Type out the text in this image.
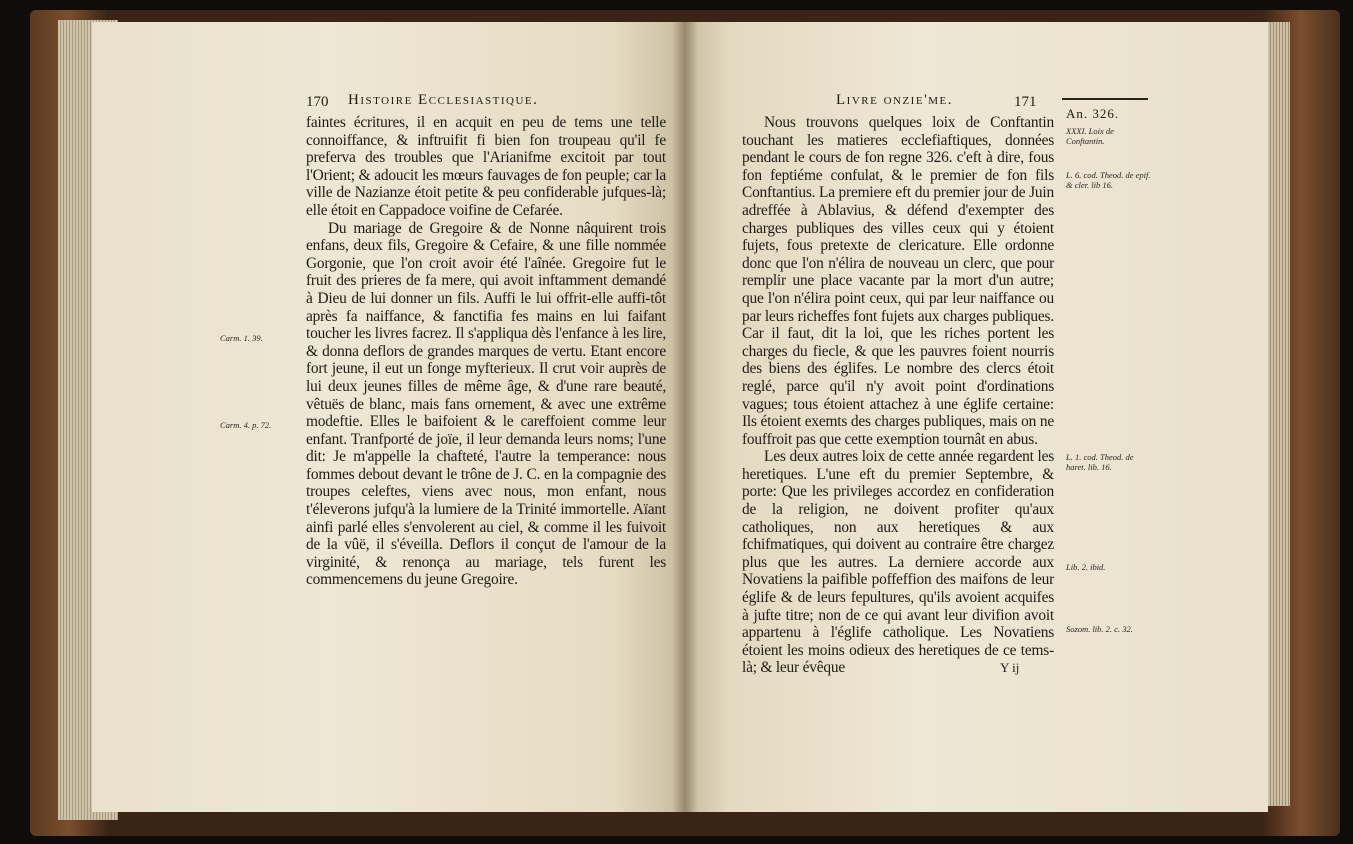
170 Histoire Ecclesiastique.
Carm. 1. 39.
Carm. 4. p. 72.

faintes écritures, il en acquit en peu de tems une telle connoiffance, & inftruifit fi bien fon troupeau qu'il fe preferva des troubles que l'Arianifme excitoit par tout l'Orient; & adoucit les mœurs fauvages de fon peuple; car la ville de Nazianze étoit petite & peu confiderable jufques-là; elle étoit en Cappadoce voifine de Cefarée.

Du mariage de Gregoire & de Nonne nâquirent trois enfans, deux fils, Gregoire & Cefaire, & une fille nommée Gorgonie, que l'on croit avoir été l'aînée. Gregoire fut le fruit des prieres de fa mere, qui avoit inftamment demandé à Dieu de lui donner un fils. Auffi le lui offrit-elle auffi-tôt après fa naiffance, & fanctifia fes mains en lui faifant toucher les livres facrez. Il s'appliqua dès l'enfance à les lire, & donna deflors de grandes marques de vertu. Etant encore fort jeune, il eut un fonge myfterieux. Il crut voir auprès de lui deux jeunes filles de même âge, & d'une rare beauté, vêtuës de blanc, mais fans ornement, & avec une extrême modeftie. Elles le baifoient & le careffoient comme leur enfant. Tranfporté de joïe, il leur demanda leurs noms; l'une dit: Je m'appelle la chafteté, l'autre la temperance: nous fommes debout devant le trône de J. C. en la compagnie des troupes celeftes, viens avec nous, mon enfant, nous t'éleverons jufqu'à la lumiere de la Trinité immortelle. Aïant ainfi parlé elles s'envolerent au ciel, & comme il les fuivoit de la vûë, il s'éveilla. Deflors il conçut de l'amour de la virginité, & renonça au mariage, tels furent les commencemens du jeune Gregoire.

Livre onzie'me.	171
An. 326.
XXXI. Loix de Conftantin.
L. 6. cod. Theod. de epif. & cler. lib 16.
L. 1. cod. Theod. de haret. lib. 16.
Lib. 2. ibid.
Sozom. lib. 2. c. 32.

Nous trouvons quelques loix de Conftantin touchant les matieres ecclefiaftiques, données pendant le cours de fon regne 326. c'eft à dire, fous fon feptiéme confulat, & le premier de fon fils Conftantius. La premiere eft du premier jour de Juin adreffée à Ablavius, & défend d'exempter des charges publiques des villes ceux qui y étoient fujets, fous pretexte de clericature. Elle ordonne donc que l'on n'élira de nouveau un clerc, que pour remplir une place vacante par la mort d'un autre; que l'on n'élira point ceux, qui par leur naiffance ou par leurs richeffes font fujets aux charges publiques. Car il faut, dit la loi, que les riches portent les charges du fiecle, & que les pauvres foient nourris des biens des églifes. Le nombre des clercs étoit reglé, parce qu'il n'y avoit point d'ordinations vagues; tous étoient attachez à une églife certaine: Ils étoient exemts des charges publiques, mais on ne fouffroit pas que cette exemption tournât en abus.

Les deux autres loix de cette année regardent les heretiques. L'une eft du premier Septembre, & porte: Que les privileges accordez en confideration de la religion, ne doivent profiter qu'aux catholiques, non aux heretiques & aux fchifmatiques, qui doivent au contraire être chargez plus que les autres. La derniere accorde aux Novatiens la paifible poffeffion des maifons de leur églife & de leurs fepultures, qu'ils avoient acquifes à jufte titre; non de ce qui avant leur divifion avoit appartenu à l'églife catholique. Les Novatiens étoient les moins odieux des heretiques de ce tems-là; & leur évêque	Y ij
